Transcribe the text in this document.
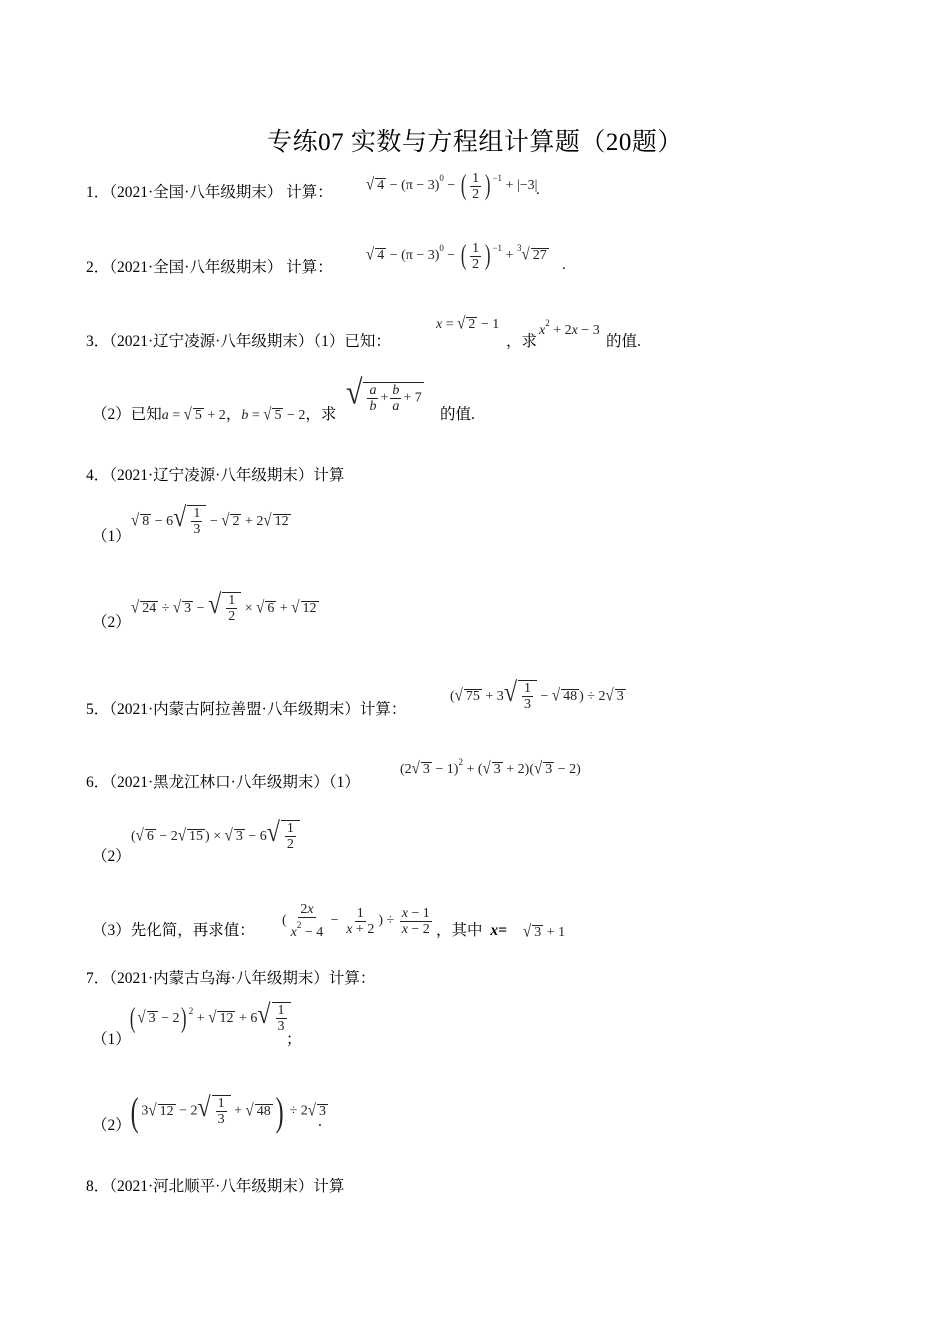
专练07 实数与方程组计算题（20题）
1．（2021·全国·八年级期末） 计算： √ $4 - (\pi - 3)^0$ − ( $\frac{1}{2}$ ) $^{-1}$ + |−3|
.
2．（2021·全国·八年级期末） 计算：
√ $4 - (\pi - 3)^0$ − ( $\frac{1}{2}$ ) $^{-1}$ + $^3$√ 27
.
3．（2021·辽宁凌源·八年级期末）（1）已知：
x = √ 2 − 1
，求
$x^2 + 2x - 3$
的值.
（2）已知a = √ 5 + 2，b = √ 5 − 2，求
√ $\frac{a}{b} + \frac{b}{a} + 7$
的值.
4．（2021·辽宁凌源·八年级期末）计算
（1）
√ $8 - 6√ \frac{1}{3}$ − √ 2 + 2√ 12
（2）
√ 24 ÷ √ 3 − √ $\frac{1}{2}$ × √ 6 + √ 12
5．（2021·内蒙古阿拉善盟·八年级期末）计算：
(√ $75 + 3√ \frac{1}{3}$ − √ 48 ) ÷ 2√ 3
6．（2021·黑龙江林口·八年级期末）（1）
(2√ 3 − 1)$^2$ + (√ 3 + 2)(√ 3 − 2)
（2）
(√ 6 − 2√ 15 ) × √ $3 - 6√ \frac{1}{2}$
（3）先化简，再求值：
( $\frac{2x}{x^2 - 4} - \frac{1}{x + 2}$ ) ÷ $\frac{x - 1}{x - 2}$ ，其中 x= √ 3 + 1
7．（2021·内蒙古乌海·八年级期末）计算：
（1）
( √ 3 − 2) $^2$ + √ $12 + 6√ \frac{1}{3}$
；
（2） ( 3√ $12 - 2√ \frac{1}{3}$ + √ 48 ) ÷ 2√ 3
.
8．（2021·河北顺平·八年级期末）计算
